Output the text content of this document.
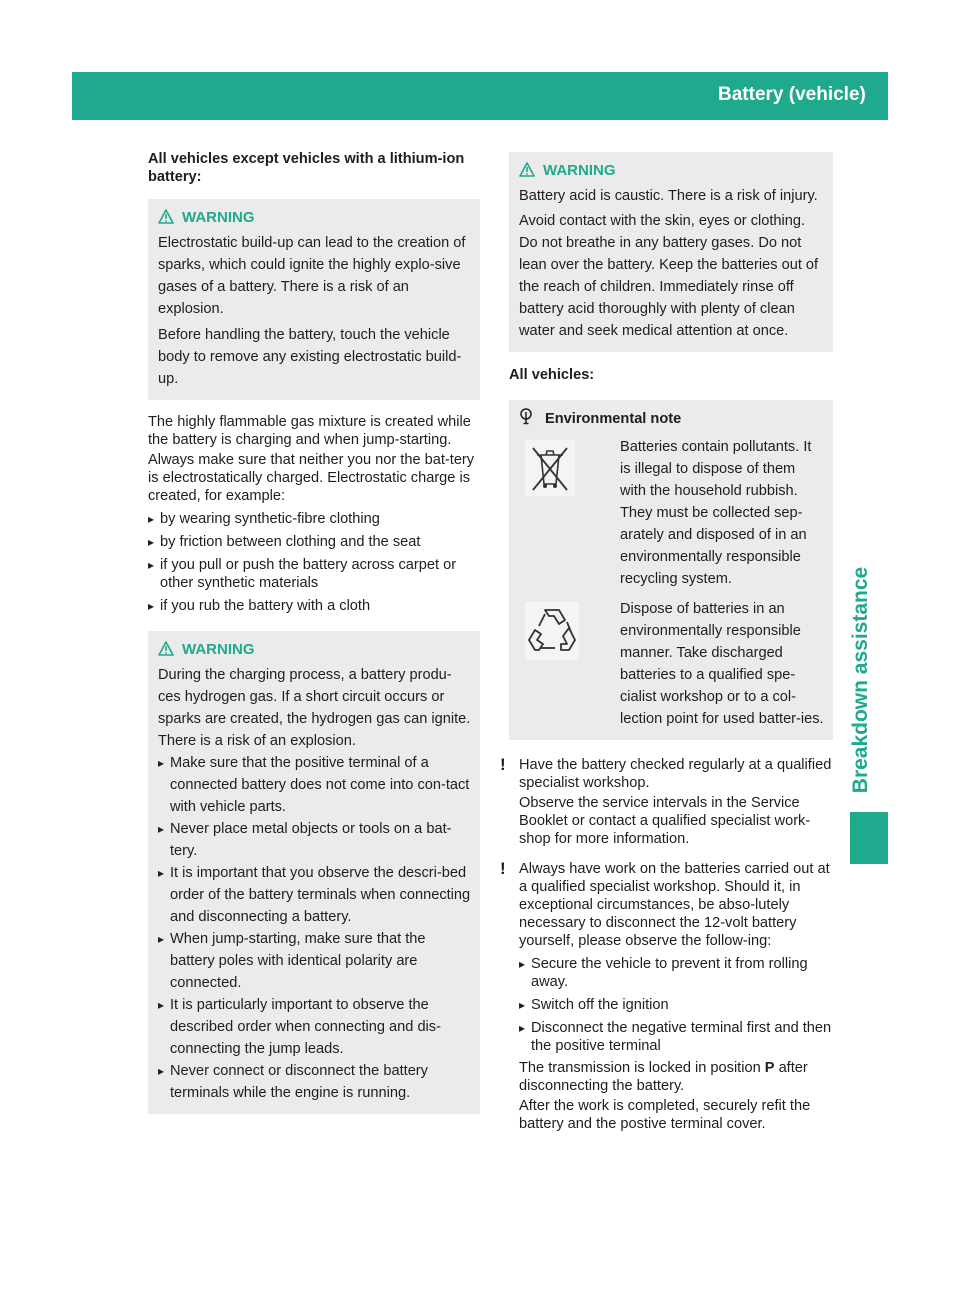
Battery (vehicle)	251
Breakdown assistance

All vehicles except vehicles with a lithium-ion battery:

WARNING

Electrostatic build-up can lead to the creation of sparks, which could ignite the highly explo-sive gases of a battery. There is a risk of an explosion.

Before handling the battery, touch the vehicle body to remove any existing electrostatic build-up.

The highly flammable gas mixture is created while the battery is charging and when jump-starting.

Always make sure that neither you nor the bat-tery is electrostatically charged. Electrostatic charge is created, for example:

▸ by wearing synthetic-fibre clothing
▸ by friction between clothing and the seat
▸ if you pull or push the battery across carpet or other synthetic materials
▸ if you rub the battery with a cloth
WARNING

During the charging process, a battery produ-ces hydrogen gas. If a short circuit occurs or sparks are created, the hydrogen gas can ignite. There is a risk of an explosion.

▸ Make sure that the positive terminal of a connected battery does not come into con-tact with vehicle parts.
▸ Never place metal objects or tools on a bat-tery.
▸ It is important that you observe the descri-bed order of the battery terminals when connecting and disconnecting a battery.
▸ When jump-starting, make sure that the battery poles with identical polarity are connected.
▸ It is particularly important to observe the described order when connecting and dis-connecting the jump leads.
▸ Never connect or disconnect the battery terminals while the engine is running.
WARNING

Battery acid is caustic. There is a risk of injury.

Avoid contact with the skin, eyes or clothing. Do not breathe in any battery gases. Do not lean over the battery. Keep the batteries out of the reach of children. Immediately rinse off battery acid thoroughly with plenty of clean water and seek medical attention at once.

All vehicles:

Environmental note

Batteries contain pollutants. It is illegal to dispose of them with the household rubbish. They must be collected sep-arately and disposed of in an environmentally responsible recycling system.

Dispose of batteries in an environmentally responsible manner. Take discharged batteries to a qualified spe-cialist workshop or to a col-lection point for used batter-ies.

! Have the battery checked regularly at a qualified specialist workshop.

Observe the service intervals in the Service Booklet or contact a qualified specialist work-shop for more information.

! Always have work on the batteries carried out at a qualified specialist workshop. Should it, in exceptional circumstances, be abso-lutely necessary to disconnect the 12-volt battery yourself, please observe the follow-ing:

▸ Secure the vehicle to prevent it from rolling away.
▸ Switch off the ignition
▸ Disconnect the negative terminal first and then the positive terminal

The transmission is locked in position P after disconnecting the battery.

After the work is completed, securely refit the battery and the postive terminal cover.
